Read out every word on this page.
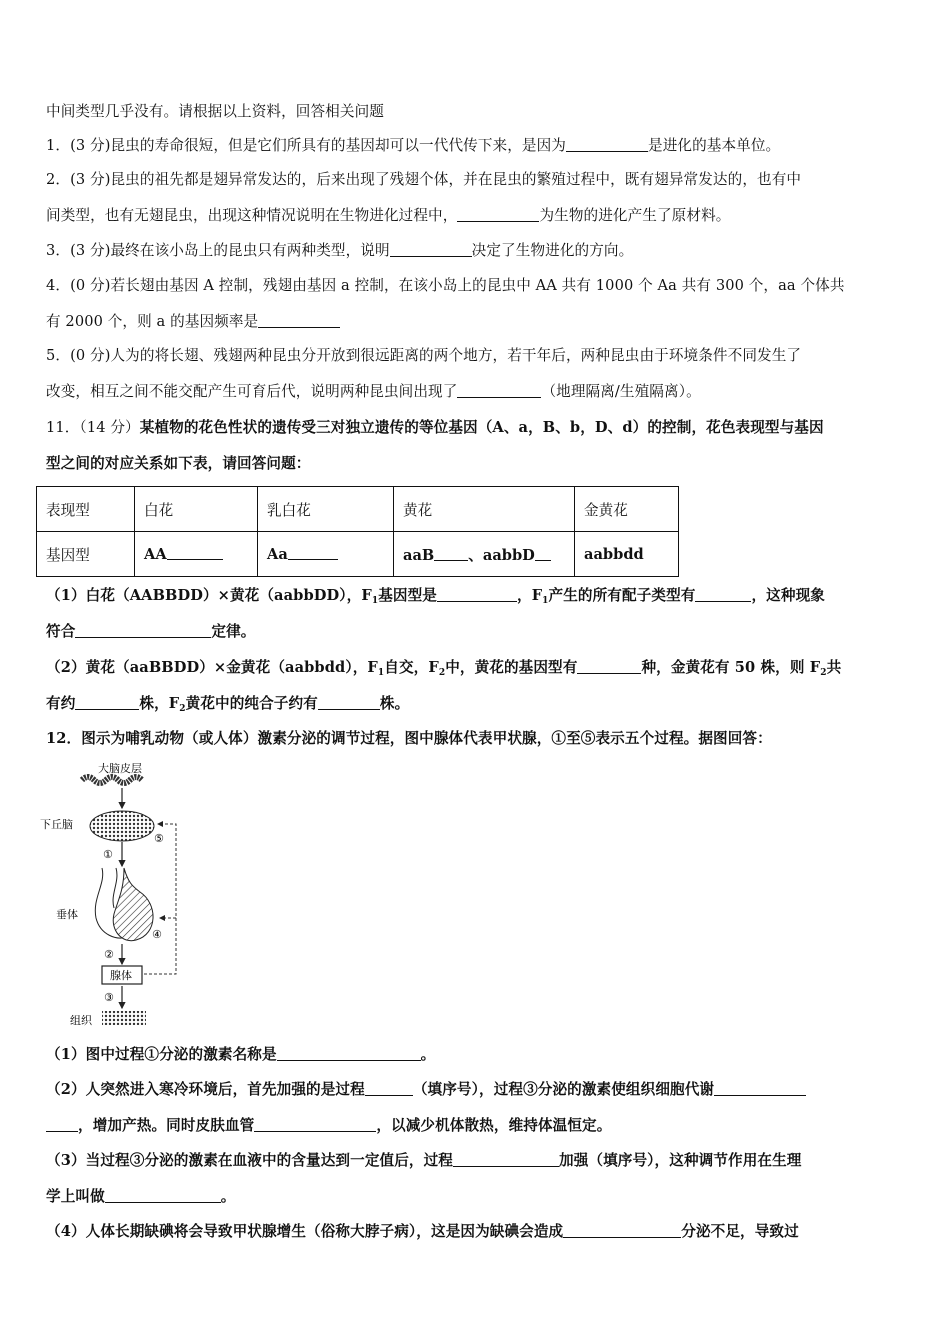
中间类型几乎没有。请根据以上资料，回答相关问题
1．(3 分)昆虫的寿命很短，但是它们所具有的基因却可以一代代传下来，是因为	是进化的基本单位。
2．(3 分)昆虫的祖先都是翅异常发达的，后来出现了残翅个体，并在昆虫的繁殖过程中，既有翅异常发达的，也有中
间类型，也有无翅昆虫，出现这种情况说明在生物进化过程中，	为生物的进化产生了原材料。
3．(3 分)最终在该小岛上的昆虫只有两种类型，说明	决定了生物进化的方向。
4．(0 分)若长翅由基因 A 控制，残翅由基因 a 控制，在该小岛上的昆虫中 AA 共有 1000 个 Aa 共有 300 个，aa 个体共
有 2000 个，则 a 的基因频率是
5．(0 分)人为的将长翅、残翅两种昆虫分开放到很远距离的两个地方，若干年后，两种昆虫由于环境条件不同发生了
改变，相互之间不能交配产生可育后代，说明两种昆虫间出现了	（地理隔离/生殖隔离）。
11．（14 分）某植物的花色性状的遗传受三对独立遗传的等位基因（A、a，B、b，D、d）的控制，花色表现型与基因
型之间的对应关系如下表，请回答问题：
表现型	白花	乳白花	黄花	金黄花
基因型	AA	Aa	aaB 、aabbD	aabbdd
（1）白花（AABBDD）×黄花（aabbDD），$F_1$基因型是	，$F_1$产生的所有配子类型有	，这种现象
符合	定律。
（2）黄花（aaBBDD）×金黄花（aabbdd），$F_1$自交，$F_2$中，黄花的基因型有	种，金黄花有 50 株，则 $F_2$共
有约	株，$F_2$黄花中的纯合子约有	株。
12．图示为哺乳动物（或人体）激素分泌的调节过程，图中腺体代表甲状腺，①至⑤表示五个过程。据图回答：
大脑皮层
下丘脑
①
垂体
④
②
腺体
③
组织
⑤
（1）图中过程①分泌的激素名称是	。
（2）人突然进入寒冷环境后，首先加强的是过程	（填序号），过程③分泌的激素使组织细胞代谢
，增加产热。同时皮肤血管	，以减少机体散热，维持体温恒定。
（3）当过程③分泌的激素在血液中的含量达到一定值后，过程	加强（填序号），这种调节作用在生理
学上叫做	。
（4）人体长期缺碘将会导致甲状腺增生（俗称大脖子病），这是因为缺碘会造成	分泌不足，导致过
